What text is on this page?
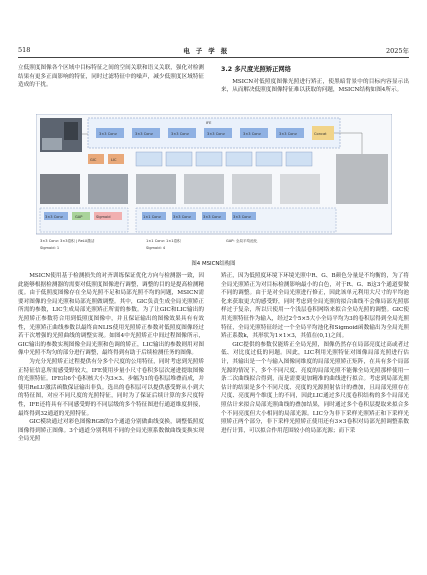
518	电子学报	2025年

立低照度图像各个区域中目标特征之间的空间关联和语义关联，强化对检测结果有更多正面影响的特征，同时过滤特征中的噪声，减少低照度区域特征造成的干扰。

3.2 多尺度光照矫正网络

MSICN对低照度图像光照进行矫正，使黑暗背景中的目标内容显示出来，从而解决低照度图像特征难以获取的问题，MSICN结构如图4所示。

IFE
3×3 Conv	3×3 Conv	3×3 Conv	3×3 Conv	3×3 Conv	3×3 Conv	Concat
GIC	LIC
3×3 Conv	GAP	Sigmoid	1×1 Conv	3×3 Conv	3×3 Conv	3×3 Conv
3×3 Conv: 3×3卷积 | ReLU激活	1×1 Conv: 1×1卷积	GAP: 全局平均池化
Sigmoid: 1	Sigmoid: 4
图4 MSICN结构图

MSICN使用基于检测损失的对齐训练保证优化方向与检测器一致，因此能够根据检测器的需要对低照度图像进行调整，调整的目的是提高检测精度。由于低照度图像存在全局光照不足和局部光照不均的问题，MSICN需要对图像的全局光照和局部光照做调整。其中，GIC负责生成全局光照矫正所需的参数，LIC生成局部光照矫正所需的参数。为了让GIC和LIC输出的光照矫正参数符合用到低照度图像中，并且保证输出的图像效果具有有效性，光照矫正曲线参数以最终由NLIS使用光照矫正参数对低照度图像经过若干次增强的光照曲线的调整实现。如图4中光照矫正中间过程图像所示，GIC输出的参数实现图像全局光照和色调的矫正，LIC输出的参数则用对图像中光照不均匀的部分进行调整，最终得到有助于后续检测任务的图像。

为充分光照矫正过程提供有分多个尺度的公用特征，同时考虑到光照矫正特征信息所需感受野较大，IFE使用步量小尺寸卷积多层次递进提取图像的光照特征。IFE由6个卷积核大小为3×3、步幅为1的卷积层堆叠而成，并使用ReLU激活函数保证输出非负。选出的卷积层可以提供感受野从小到大的特征图，对应不同尺度的光照特征，同时为了保证后续计算的多尺度特性，IFE还将具有不同感受野的不同层级的多个特征图进行通道维度拼接，最终得到32通道的光照特征。

GIC模块通过对彩色图像RGB的3个通道分别做曲线变换，调整低照度图像得到矫正图像。3个通道分别利用不同的全局光照系数做曲线变换实现全局光照

矫正，因为低照度环境下环境光照中R、G、B颜色分量是不均衡的，为了将全局光照矫正为对目标检测影响最小的白色，对于R、G、B这3个通道要做不同的调整。由于是对全局光照进行修正，因此该单元利用大尺寸的平均池化来获取更大的感受野，同时考虑到全局光照的拟合曲线不会像局部光照那样过于复杂，所以只使用一个浅层卷积网络来拟合全局光照的调整。GIC使用光照特征作为输入，经过2个5×5大小全局平均为3的卷积层得到全局光照特征，全局光照特征经过一个全局平均池化和Sigmoid函数输出为全局光照矫正系数k，其形状为1×1×3，其值在(0,1)之间。

GIC提供的参数仅能矫正全局光照，图像仍然存在局部亮度过高或者过低、对比度过低的问题。因此，LIC利用光照特征对图像局部光照进行估计，其输出是一个与输入图像同维度的局部光照矫正矩阵，在具有多个局部光源的情况下，多个不同尺度、亮度的局部光照不能像全局光照那样使用一条二次曲线拟合得到，而是需要更加精准的曲线进行拟合。考虑到局部光照估计的结果是多个不同尺度、亮度的光源照射估计的叠加，且局部光照存在尺度、亮度两个维度上的不同，因此LIC通过多尺度卷积结构的多个局部光照估计来拟合局部光照曲线的叠加结果，同时通过多个卷积层提取来拟合多个不同亮度但大小相同的局部光源。LIC分为非下采样光照矫正和下采样光照矫正两个部分，非下采样光照矫正使用还有3×3卷积对局部光照调整系数进行计算，可以拟合作用范围较小的局部光源；而下采
